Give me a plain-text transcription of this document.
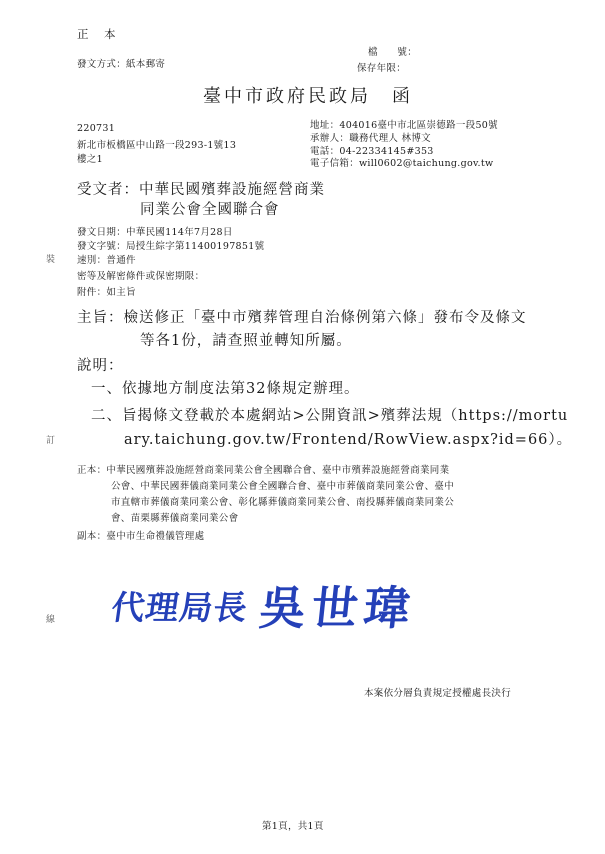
正　本
發文方式：紙本郵寄
檔　　號：
保存年限：
臺中市政府民政局　函
220731
新北市板橋區中山路一段293-1號13
樓之1
地址：404016臺中市北區崇德路一段50號
承辦人：職務代理人 林博文
電話：04-22334145#353
電子信箱：will0602@taichung.gov.tw
受文者：中華民國殯葬設施經營商業
同業公會全國聯合會
發文日期：中華民國114年7月28日
發文字號：局授生綜字第11400197851號
速別：普通件
密等及解密條件或保密期限：
附件：如主旨
主旨：檢送修正「臺中市殯葬管理自治條例第六條」發布令及條文
等各1份，請查照並轉知所屬。
說明：
一、依據地方制度法第32條規定辦理。
二、旨揭條文登載於本處網站>公開資訊>殯葬法規（https://mortu
ary.taichung.gov.tw/Frontend/RowView.aspx?id=66）。
正本：中華民國殯葬設施經營商業同業公會全國聯合會、臺中市殯葬設施經營商業同業
公會、中華民國葬儀商業同業公會全國聯合會、臺中市葬儀商業同業公會、臺中
市直轄市葬儀商業同業公會、彰化縣葬儀商業同業公會、南投縣葬儀商業同業公
會、苗栗縣葬儀商業同業公會
副本：臺中市生命禮儀管理處
代理局長 吳世瑋
本案依分層負責規定授權處長決行
第1頁，共1頁
裝
訂
線
